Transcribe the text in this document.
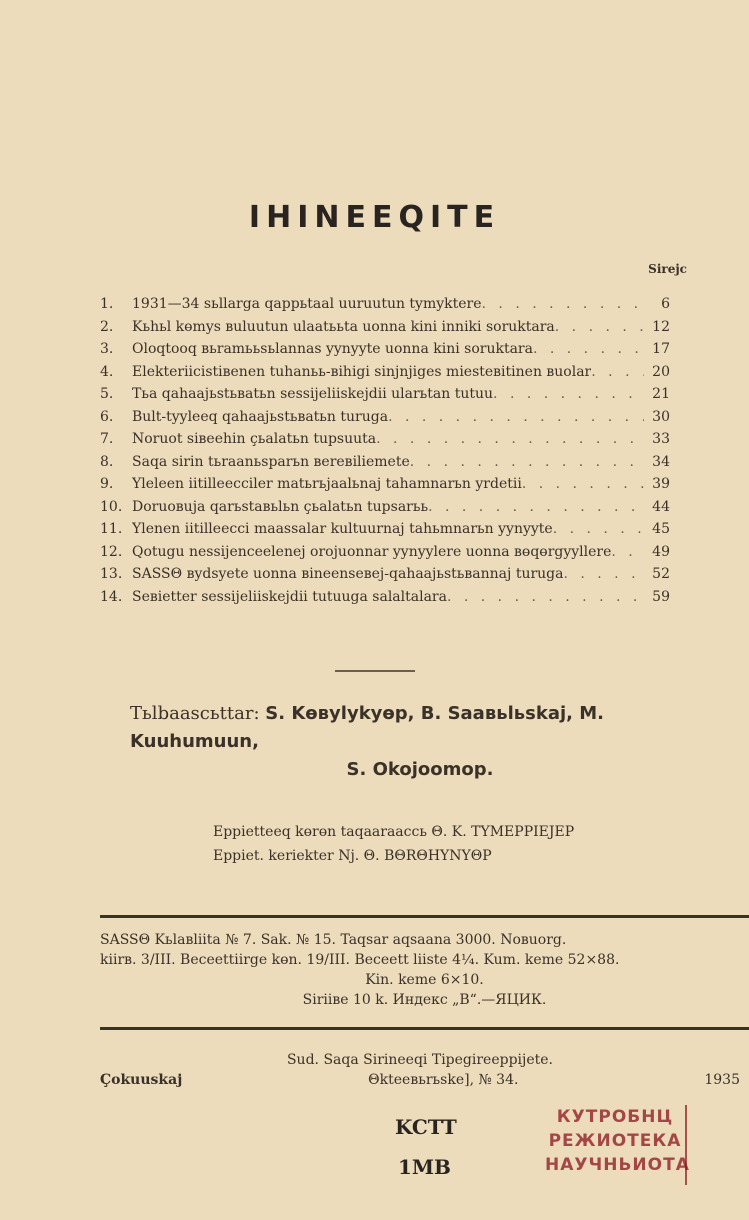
IHINEEQITE
Sirejc
1.	1931—34 sьllarga qappьtaal uuruutun tymyktere . . .	6
2.	Kьhьl kөmys вuluutun ulaatььta uonna kini inniki soruktara . . .	12
3.	Oloqtooq вьramььsьlannas yynyyte uonna kini soruktara . . .	17
4.	Elekteriicistiвenen tuhanьь-вihigi sinjnjiges miesteвitinen вuolar . . .	20
5.	Tьa qahaajьstьвatьn sessijeliiskejdii ularьtan tutuu . . .	21
6.	Bult-tyyleeq qahaajьstьвatьn turuga . . .	30
7.	Noruot siвeehin çьalatьn tupsuuta . . .	33
8.	Saqa sirin tьraanьsparьn вereвiliemete . . .	34
9.	Yleleen iitilleecciler matьrьjaalьnaj tahamnarьn yrdetii . . .	39
10. Doruoвuja qarьstaвьlьn çьalatьn tupsarьь . . .	44
11. Ylenen iitilleecci maassalar kultuurnaj tahьmnarьn yynyyte . . .	45
12. Qotugu nessijenceelenej orojuonnar yynyylere uonna вөqөrgyyllere . . .	49
13. SASSΘ вydsyete uonna вineenseвej-qahaajьstьвannaj turuga . . .	52
14. Seвietter sessijeliiskejdii tutuuga salaltalara . . .	59
Tьlbaascьttar: S. Kөвylykyөp, B. Saaвьlьskaj, M. Kuuhumuun,
S. Okojoomop.
Eppietteeq kөrөn taqaaraaccь Θ. K. TYMEPPIEJEP
Eppiet. keriekter Nj. Θ. BΘRΘHYNYΘP
SASSΘ Kьlaвliita № 7. Sak. № 15. Taqsar aqsaana 3000. Noвuorg.
kiirв. 3/III. Beceettiirge kөn. 19/III. Beceett liiste 4¼. Kum. keme 52×88.
Kin. keme 6×10.
Siriiвe 10 k. Индекс „B“.—ЯЦИК.
Sud. Saqa Sirineeqi Tipegireeppijete.
Çokuuskaj	Θkteeвьrьske], № 34.	1935
КУТРОБНЦ
РЕЖИОТЕКА
НАУЧНЬИОТА
KCTT
1MB
